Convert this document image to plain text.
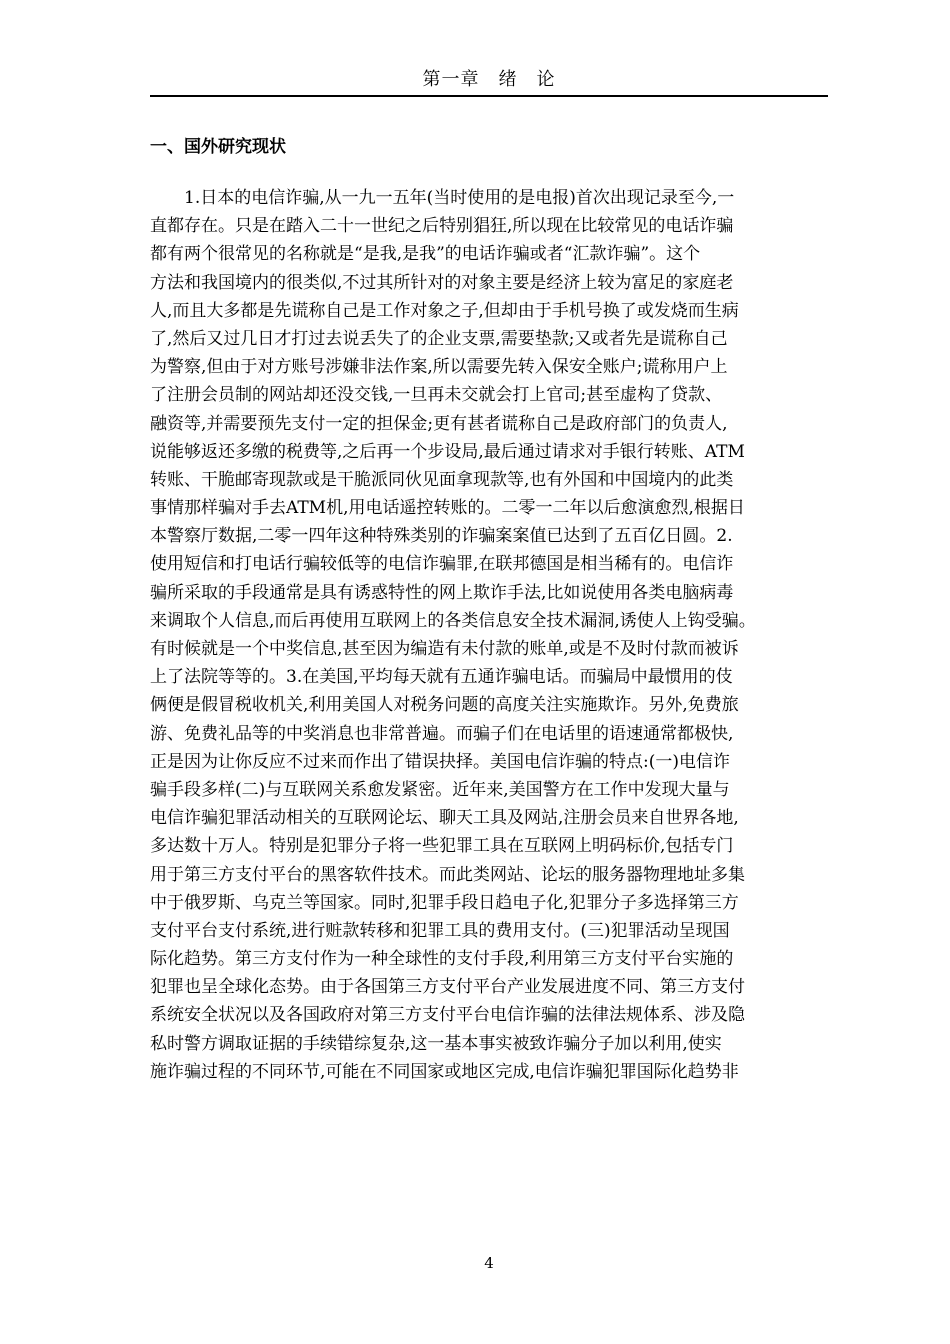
第一章　绪　论
一、国外研究现状
　　1.日本的电信诈骗,从一九一五年(当时使用的是电报)首次出现记录至今,一
直都存在。只是在踏入二十一世纪之后特别猖狂,所以现在比较常见的电话诈骗
都有两个很常见的名称就是“是我,是我”的电话诈骗或者“汇款诈骗”。这个
方法和我国境内的很类似,不过其所针对的对象主要是经济上较为富足的家庭老
人,而且大多都是先谎称自己是工作对象之子,但却由于手机号换了或发烧而生病
了,然后又过几日才打过去说丢失了的企业支票,需要垫款;又或者先是谎称自己
为警察,但由于对方账号涉嫌非法作案,所以需要先转入保安全账户;谎称用户上
了注册会员制的网站却还没交钱,一旦再未交就会打上官司;甚至虚构了贷款、
融资等,并需要预先支付一定的担保金;更有甚者谎称自己是政府部门的负责人,
说能够返还多缴的税费等,之后再一个步设局,最后通过请求对手银行转账、ATM
转账、干脆邮寄现款或是干脆派同伙见面拿现款等,也有外国和中国境内的此类
事情那样骗对手去ATM机,用电话遥控转账的。二零一二年以后愈演愈烈,根据日
本警察厅数据,二零一四年这种特殊类别的诈骗案案值已达到了五百亿日圆。2.
使用短信和打电话行骗较低等的电信诈骗罪,在联邦德国是相当稀有的。电信诈
骗所采取的手段通常是具有诱惑特性的网上欺诈手法,比如说使用各类电脑病毒
来调取个人信息,而后再使用互联网上的各类信息安全技术漏洞,诱使人上钩受骗。
有时候就是一个中奖信息,甚至因为编造有未付款的账单,或是不及时付款而被诉
上了法院等等的。3.在美国,平均每天就有五通诈骗电话。而骗局中最惯用的伎
俩便是假冒税收机关,利用美国人对税务问题的高度关注实施欺诈。另外,免费旅
游、免费礼品等的中奖消息也非常普遍。而骗子们在电话里的语速通常都极快,
正是因为让你反应不过来而作出了错误抉择。美国电信诈骗的特点:(一)电信诈
骗手段多样(二)与互联网关系愈发紧密。近年来,美国警方在工作中发现大量与
电信诈骗犯罪活动相关的互联网论坛、聊天工具及网站,注册会员来自世界各地,
多达数十万人。特别是犯罪分子将一些犯罪工具在互联网上明码标价,包括专门
用于第三方支付平台的黑客软件技术。而此类网站、论坛的服务器物理地址多集
中于俄罗斯、乌克兰等国家。同时,犯罪手段日趋电子化,犯罪分子多选择第三方
支付平台支付系统,进行赃款转移和犯罪工具的费用支付。(三)犯罪活动呈现国
际化趋势。第三方支付作为一种全球性的支付手段,利用第三方支付平台实施的
犯罪也呈全球化态势。由于各国第三方支付平台产业发展进度不同、第三方支付
系统安全状况以及各国政府对第三方支付平台电信诈骗的法律法规体系、涉及隐
私时警方调取证据的手续错综复杂,这一基本事实被致诈骗分子加以利用,使实
施诈骗过程的不同环节,可能在不同国家或地区完成,电信诈骗犯罪国际化趋势非
4
